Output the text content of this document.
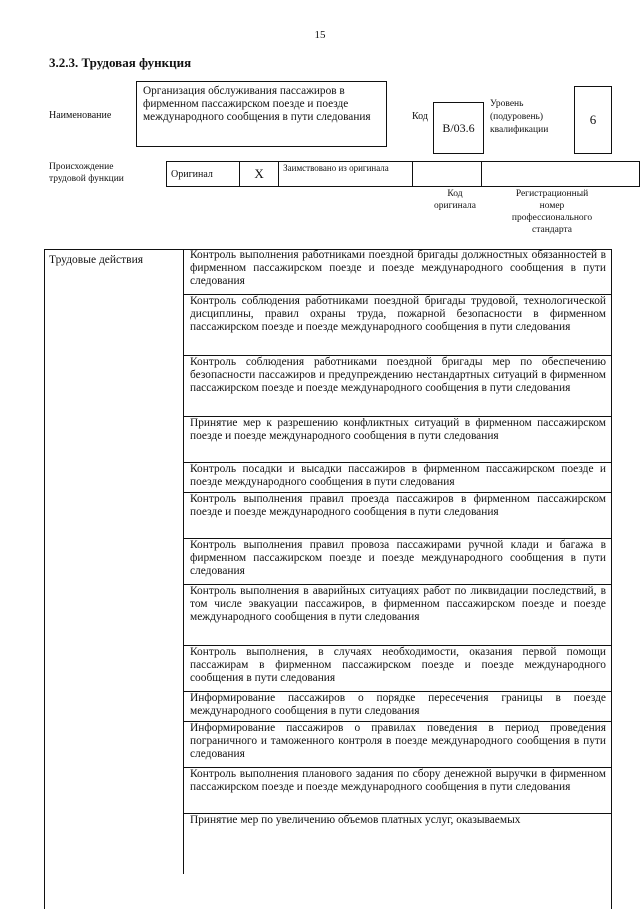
15
3.2.3. Трудовая функция
Наименование
Организация обслуживания пассажиров в фирменном пассажирском поезде и поезде международного сообщения в пути следования	Код
B/03.6
Уровень
(подуровень)
квалификации
6
Происхождение
трудовой функции	Оригинал	X	Заимствовано из оригинала		
Код
оригинала
Регистрационный
номер
профессионального
стандарта
Трудовые действия	Контроль выполнения работниками поездной бригады должностных обязанностей в фирменном пассажирском поезде и поезде международного сообщения в пути следования
Контроль соблюдения работниками поездной бригады трудовой, технологической дисциплины, правил охраны труда, пожарной безопасности в фирменном пассажирском поезде и поезде международного сообщения в пути следования
Контроль соблюдения работниками поездной бригады мер по обеспечению безопасности пассажиров и предупреждению нестандартных ситуаций в фирменном пассажирском поезде и поезде международного сообщения в пути следования
Принятие мер к разрешению конфликтных ситуаций в фирменном пассажирском поезде и поезде международного сообщения в пути следования
Контроль посадки и высадки пассажиров в фирменном пассажирском поезде и поезде международного сообщения в пути следования
Контроль выполнения правил проезда пассажиров в фирменном пассажирском поезде и поезде международного сообщения в пути следования
Контроль выполнения правил провоза пассажирами ручной клади и багажа в фирменном пассажирском поезде и поезде международного сообщения в пути следования
Контроль выполнения в аварийных ситуациях работ по ликвидации последствий, в том числе эвакуации пассажиров, в фирменном пассажирском поезде и поезде международного сообщения в пути следования
Контроль выполнения, в случаях необходимости, оказания первой помощи пассажирам в фирменном пассажирском поезде и поезде международного сообщения в пути следования
Информирование пассажиров о порядке пересечения границы в поезде международного сообщения в пути следования
Информирование пассажиров о правилах поведения в период проведения пограничного и таможенного контроля в поезде международного сообщения в пути следования
Контроль выполнения планового задания по сбору денежной выручки в фирменном пассажирском поезде и поезде международного сообщения в пути следования
Принятие мер по увеличению объемов платных услуг, оказываемых
